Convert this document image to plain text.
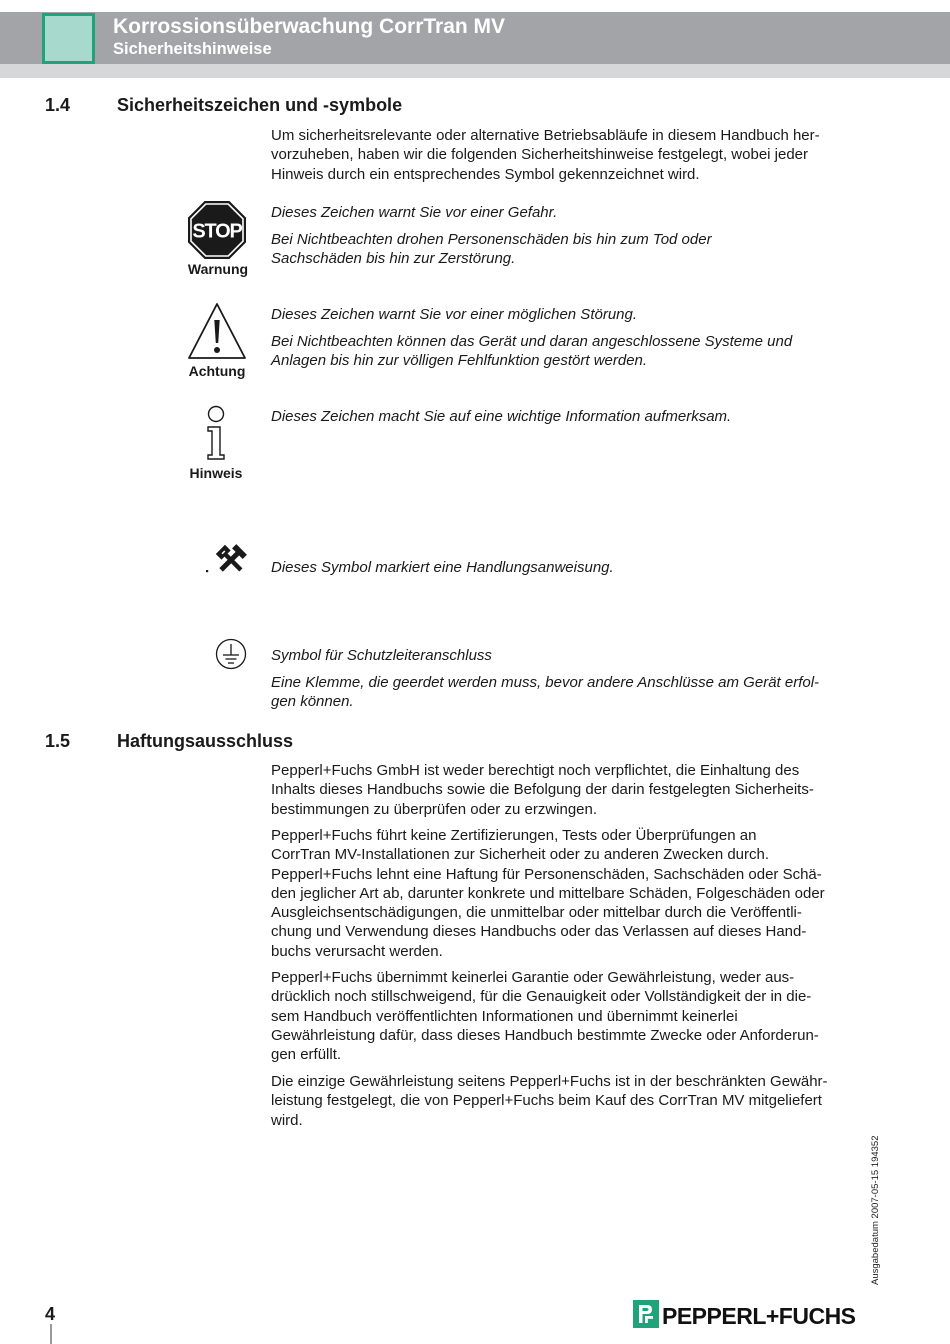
Korrossionsüberwachung CorrTran MV
Sicherheitshinweise
1.4	Sicherheitszeichen und -symbole

Um sicherheitsrelevante oder alternative Betriebsabläufe in diesem Handbuch her-
vorzuheben, haben wir die folgenden Sicherheitshinweise festgelegt, wobei jeder
Hinweis durch ein entsprechendes Symbol gekennzeichnet wird.

STOP
Warnung

Dieses Zeichen warnt Sie vor einer Gefahr.

Bei Nichtbeachten drohen Personenschäden bis hin zum Tod oder
Sachschäden bis hin zur Zerstörung.

Achtung

Dieses Zeichen warnt Sie vor einer möglichen Störung.

Bei Nichtbeachten können das Gerät und daran angeschlossene Systeme und
Anlagen bis hin zur völligen Fehlfunktion gestört werden.

Hinweis

Dieses Zeichen macht Sie auf eine wichtige Information aufmerksam.

Dieses Symbol markiert eine Handlungsanweisung.

Symbol für Schutzleiteranschluss

Eine Klemme, die geerdet werden muss, bevor andere Anschlüsse am Gerät erfol-
gen können.

1.5	Haftungsausschluss

Pepperl+Fuchs GmbH ist weder berechtigt noch verpflichtet, die Einhaltung des
Inhalts dieses Handbuchs sowie die Befolgung der darin festgelegten Sicherheits-
bestimmungen zu überprüfen oder zu erzwingen.

Pepperl+Fuchs führt keine Zertifizierungen, Tests oder Überprüfungen an
CorrTran MV-Installationen zur Sicherheit oder zu anderen Zwecken durch.
Pepperl+Fuchs lehnt eine Haftung für Personenschäden, Sachschäden oder Schä-
den jeglicher Art ab, darunter konkrete und mittelbare Schäden, Folgeschäden oder
Ausgleichsentschädigungen, die unmittelbar oder mittelbar durch die Veröffentli-
chung und Verwendung dieses Handbuchs oder das Verlassen auf dieses Hand-
buchs verursacht werden.

Pepperl+Fuchs übernimmt keinerlei Garantie oder Gewährleistung, weder aus-
drücklich noch stillschweigend, für die Genauigkeit oder Vollständigkeit der in die-
sem Handbuch veröffentlichten Informationen und übernimmt keinerlei
Gewährleistung dafür, dass dieses Handbuch bestimmte Zwecke oder Anforderun-
gen erfüllt.

Die einzige Gewährleistung seitens Pepperl+Fuchs ist in der beschränkten Gewähr-
leistung festgelegt, die von Pepperl+Fuchs beim Kauf des CorrTran MV mitgeliefert
wird.

Ausgabedatum 2007-05-15 194352
4	PEPPERL+FUCHS
